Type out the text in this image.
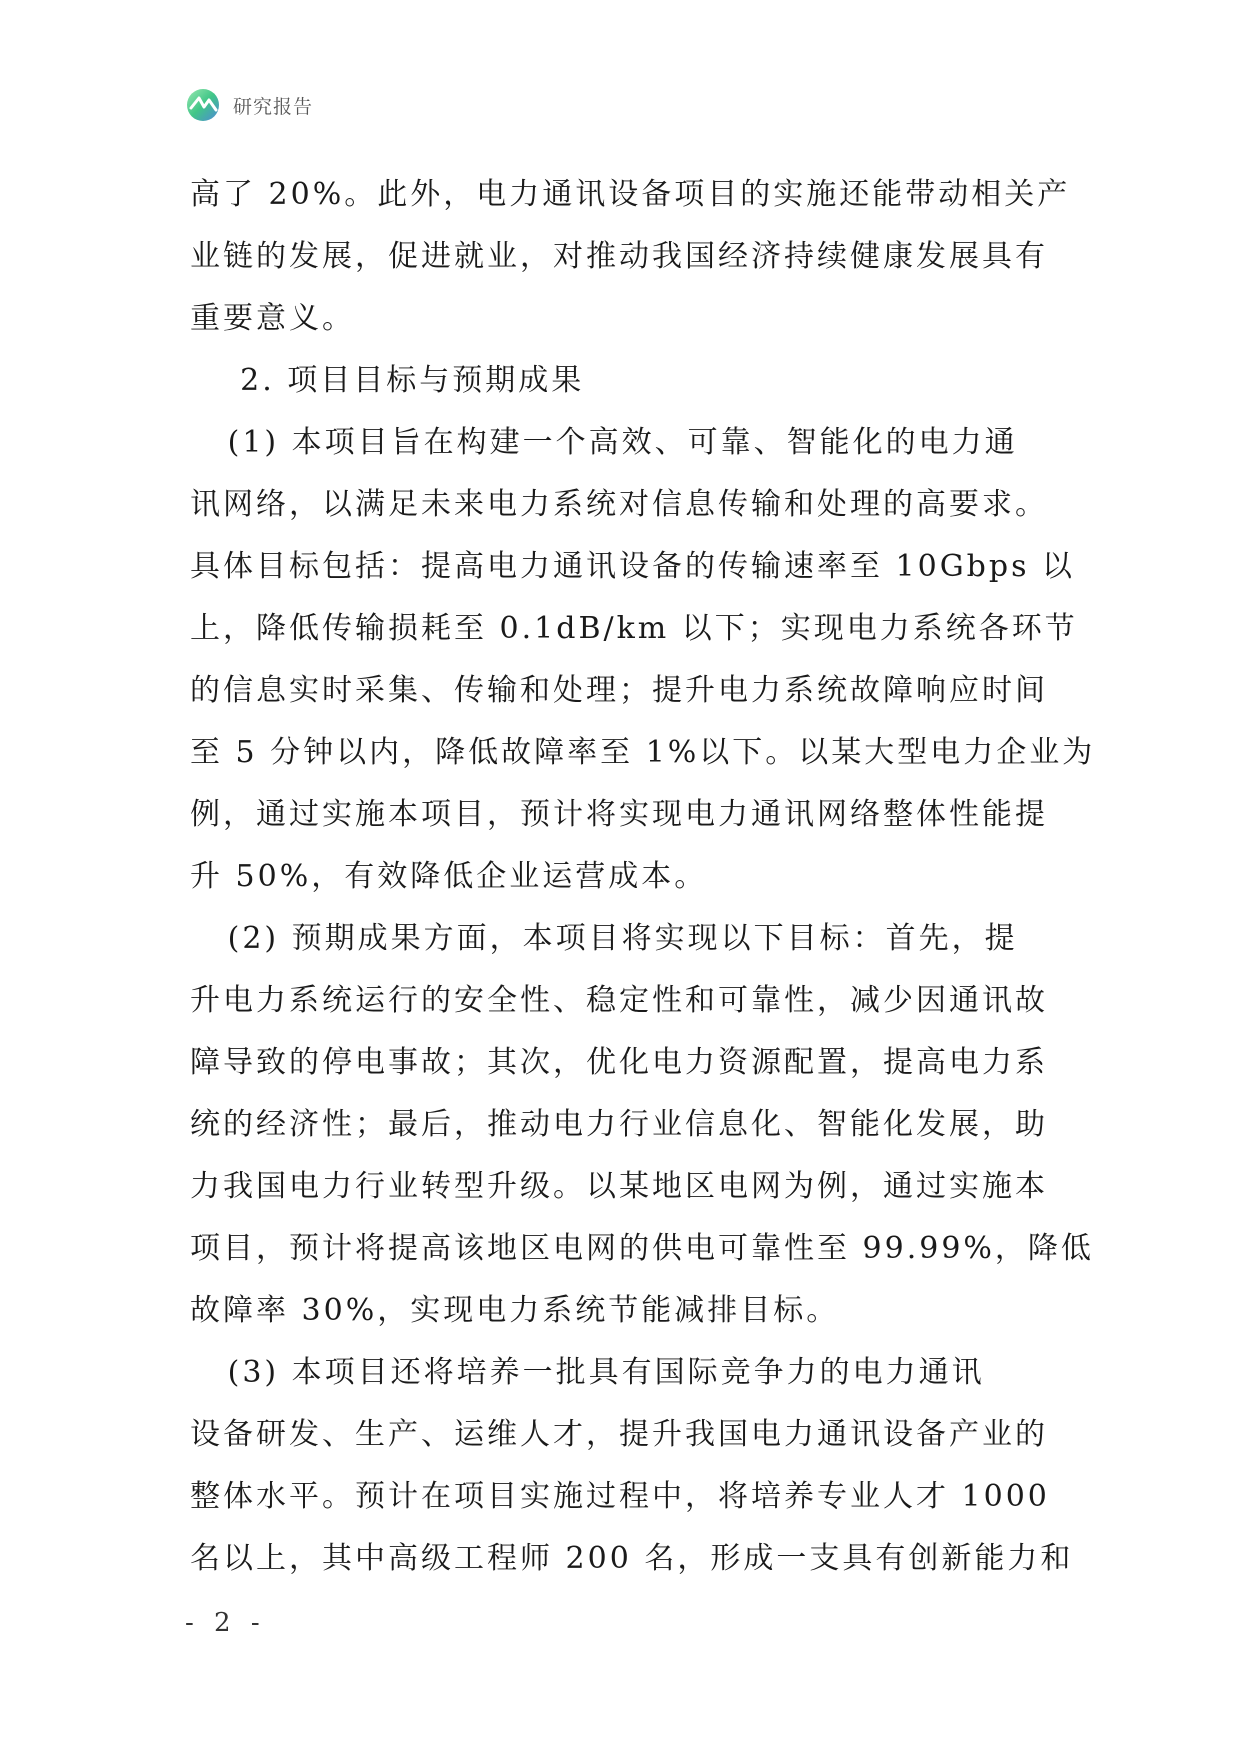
研究报告
高了 20%。此外，电力通讯设备项目的实施还能带动相关产
业链的发展，促进就业，对推动我国经济持续健康发展具有
重要意义。
2. 项目目标与预期成果
(1) 本项目旨在构建一个高效、可靠、智能化的电力通
讯网络，以满足未来电力系统对信息传输和处理的高要求。
具体目标包括：提高电力通讯设备的传输速率至 10Gbps 以
上，降低传输损耗至 0.1dB/km 以下；实现电力系统各环节
的信息实时采集、传输和处理；提升电力系统故障响应时间
至 5 分钟以内，降低故障率至 1%以下。以某大型电力企业为
例，通过实施本项目，预计将实现电力通讯网络整体性能提
升 50%，有效降低企业运营成本。
(2) 预期成果方面，本项目将实现以下目标：首先，提
升电力系统运行的安全性、稳定性和可靠性，减少因通讯故
障导致的停电事故；其次，优化电力资源配置，提高电力系
统的经济性；最后，推动电力行业信息化、智能化发展，助
力我国电力行业转型升级。以某地区电网为例，通过实施本
项目，预计将提高该地区电网的供电可靠性至 99.99%，降低
故障率 30%，实现电力系统节能减排目标。
(3) 本项目还将培养一批具有国际竞争力的电力通讯
设备研发、生产、运维人才，提升我国电力通讯设备产业的
整体水平。预计在项目实施过程中，将培养专业人才 1000
名以上，其中高级工程师 200 名，形成一支具有创新能力和
- 2 -
